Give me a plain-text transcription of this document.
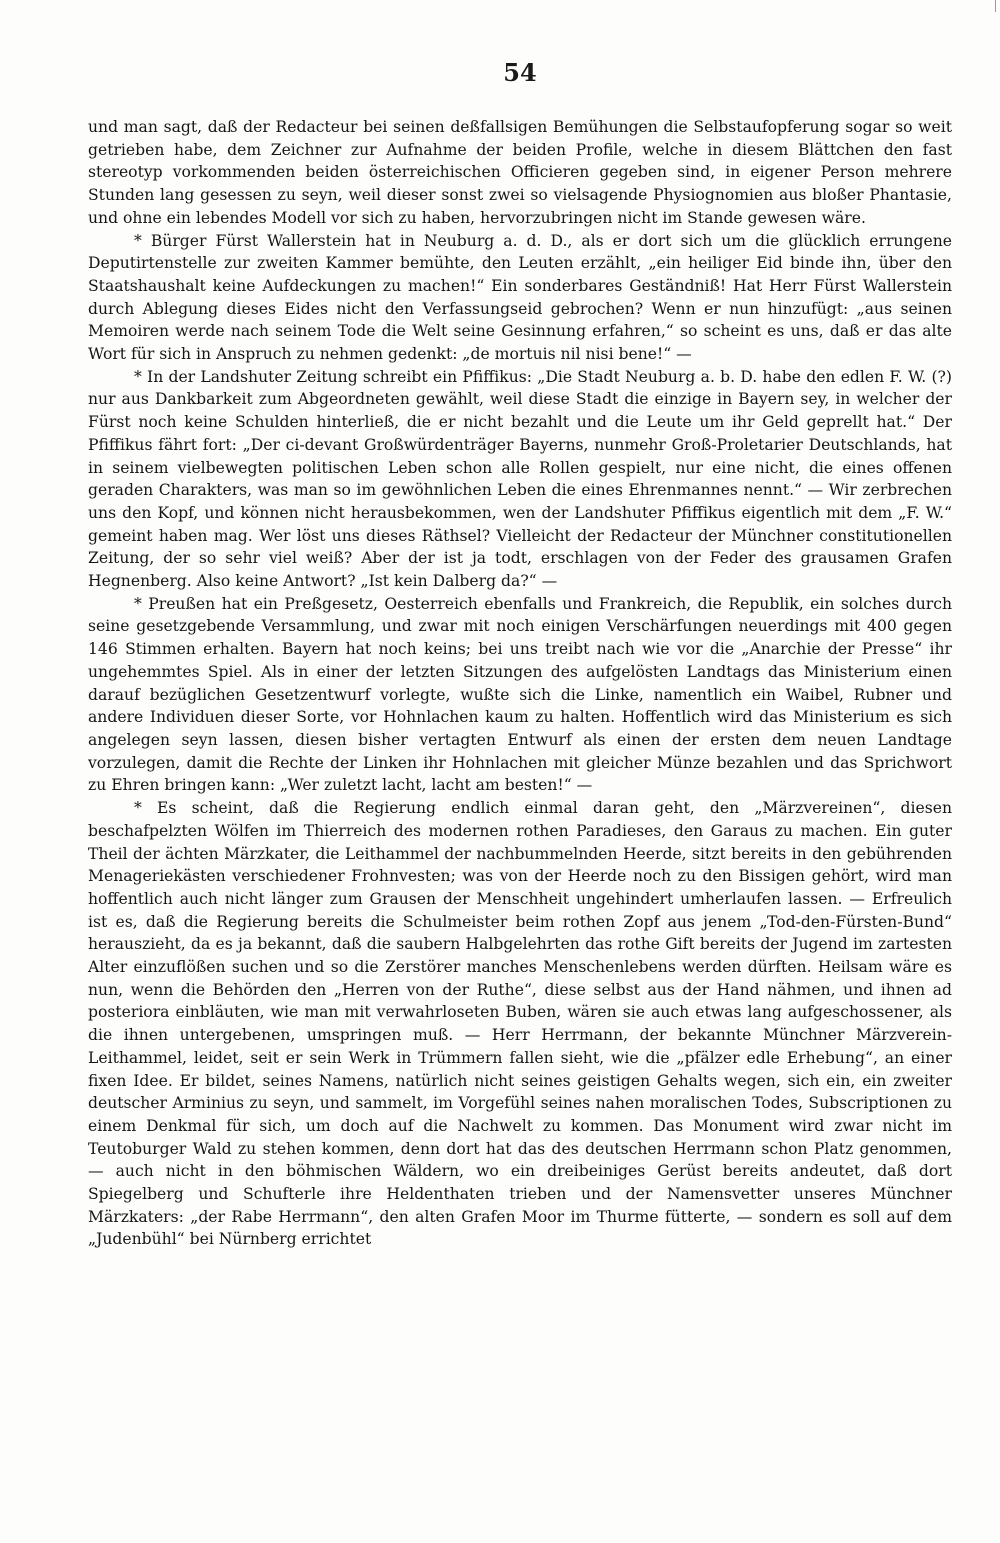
54

und man sagt, daß der Redacteur bei seinen deßfallsigen Bemühungen die Selbstaufopferung sogar so weit getrieben habe, dem Zeichner zur Aufnahme der beiden Profile, welche in diesem Blättchen den fast stereotyp vorkommenden beiden österreichischen Officieren gegeben sind, in eigener Person mehrere Stunden lang gesessen zu seyn, weil dieser sonst zwei so vielsagende Physiognomien aus bloßer Phantasie, und ohne ein lebendes Modell vor sich zu haben, hervorzubringen nicht im Stande gewesen wäre.

* Bürger Fürst Wallerstein hat in Neuburg a. d. D., als er dort sich um die glücklich errungene Deputirtenstelle zur zweiten Kammer bemühte, den Leuten erzählt, „ein heiliger Eid binde ihn, über den Staatshaushalt keine Aufdeckungen zu machen!“ Ein sonderbares Geständniß! Hat Herr Fürst Wallerstein durch Ablegung dieses Eides nicht den Verfassungseid gebrochen? Wenn er nun hinzufügt: „aus seinen Memoiren werde nach seinem Tode die Welt seine Gesinnung erfahren,“ so scheint es uns, daß er das alte Wort für sich in Anspruch zu nehmen gedenkt: „de mortuis nil nisi bene!“ —

* In der Landshuter Zeitung schreibt ein Pfiffikus: „Die Stadt Neuburg a. b. D. habe den edlen F. W. (?) nur aus Dankbarkeit zum Abgeordneten gewählt, weil diese Stadt die einzige in Bayern sey, in welcher der Fürst noch keine Schulden hinterließ, die er nicht bezahlt und die Leute um ihr Geld geprellt hat.“ Der Pfiffikus fährt fort: „Der ci-devant Großwürdenträger Bayerns, nunmehr Groß-Proletarier Deutschlands, hat in seinem vielbewegten politischen Leben schon alle Rollen gespielt, nur eine nicht, die eines offenen geraden Charakters, was man so im gewöhnlichen Leben die eines Ehrenmannes nennt.“ — Wir zerbrechen uns den Kopf, und können nicht herausbekommen, wen der Landshuter Pfiffikus eigentlich mit dem „F. W.“ gemeint haben mag. Wer löst uns dieses Räthsel? Vielleicht der Redacteur der Münchner constitutionellen Zeitung, der so sehr viel weiß? Aber der ist ja todt, erschlagen von der Feder des grausamen Grafen Hegnenberg. Also keine Antwort? „Ist kein Dalberg da?“ —

* Preußen hat ein Preßgesetz, Oesterreich ebenfalls und Frankreich, die Republik, ein solches durch seine gesetzgebende Versammlung, und zwar mit noch einigen Verschärfungen neuerdings mit 400 gegen 146 Stimmen erhalten. Bayern hat noch keins; bei uns treibt nach wie vor die „Anarchie der Presse“ ihr ungehemmtes Spiel. Als in einer der letzten Sitzungen des aufgelösten Landtags das Ministerium einen darauf bezüglichen Gesetzentwurf vorlegte, wußte sich die Linke, namentlich ein Waibel, Rubner und andere Individuen dieser Sorte, vor Hohnlachen kaum zu halten. Hoffentlich wird das Ministerium es sich angelegen seyn lassen, diesen bisher vertagten Entwurf als einen der ersten dem neuen Landtage vorzulegen, damit die Rechte der Linken ihr Hohnlachen mit gleicher Münze bezahlen und das Sprichwort zu Ehren bringen kann: „Wer zuletzt lacht, lacht am besten!“ —

* Es scheint, daß die Regierung endlich einmal daran geht, den „Märzvereinen“, diesen beschafpelzten Wölfen im Thierreich des modernen rothen Paradieses, den Garaus zu machen. Ein guter Theil der ächten Märzkater, die Leithammel der nachbummelnden Heerde, sitzt bereits in den gebührenden Menageriekästen verschiedener Frohnvesten; was von der Heerde noch zu den Bissigen gehört, wird man hoffentlich auch nicht länger zum Grausen der Menschheit ungehindert umherlaufen lassen. — Erfreulich ist es, daß die Regierung bereits die Schulmeister beim rothen Zopf aus jenem „Tod-den-Fürsten-Bund“ herauszieht, da es ja bekannt, daß die saubern Halbgelehrten das rothe Gift bereits der Jugend im zartesten Alter einzuflößen suchen und so die Zerstörer manches Menschenlebens werden dürften. Heilsam wäre es nun, wenn die Behörden den „Herren von der Ruthe“, diese selbst aus der Hand nähmen, und ihnen ad posteriora einbläuten, wie man mit verwahrloseten Buben, wären sie auch etwas lang aufgeschossener, als die ihnen untergebenen, umspringen muß. — Herr Herrmann, der bekannte Münchner Märzverein-Leithammel, leidet, seit er sein Werk in Trümmern fallen sieht, wie die „pfälzer edle Erhebung“, an einer fixen Idee. Er bildet, seines Namens, natürlich nicht seines geistigen Gehalts wegen, sich ein, ein zweiter deutscher Arminius zu seyn, und sammelt, im Vorgefühl seines nahen moralischen Todes, Subscriptionen zu einem Denkmal für sich, um doch auf die Nachwelt zu kommen. Das Monument wird zwar nicht im Teutoburger Wald zu stehen kommen, denn dort hat das des deutschen Herrmann schon Platz genommen, — auch nicht in den böhmischen Wäldern, wo ein dreibeiniges Gerüst bereits andeutet, daß dort Spiegelberg und Schufterle ihre Heldenthaten trieben und der Namensvetter unseres Münchner Märzkaters: „der Rabe Herrmann“, den alten Grafen Moor im Thurme fütterte, — sondern es soll auf dem „Judenbühl“ bei Nürnberg errichtet
